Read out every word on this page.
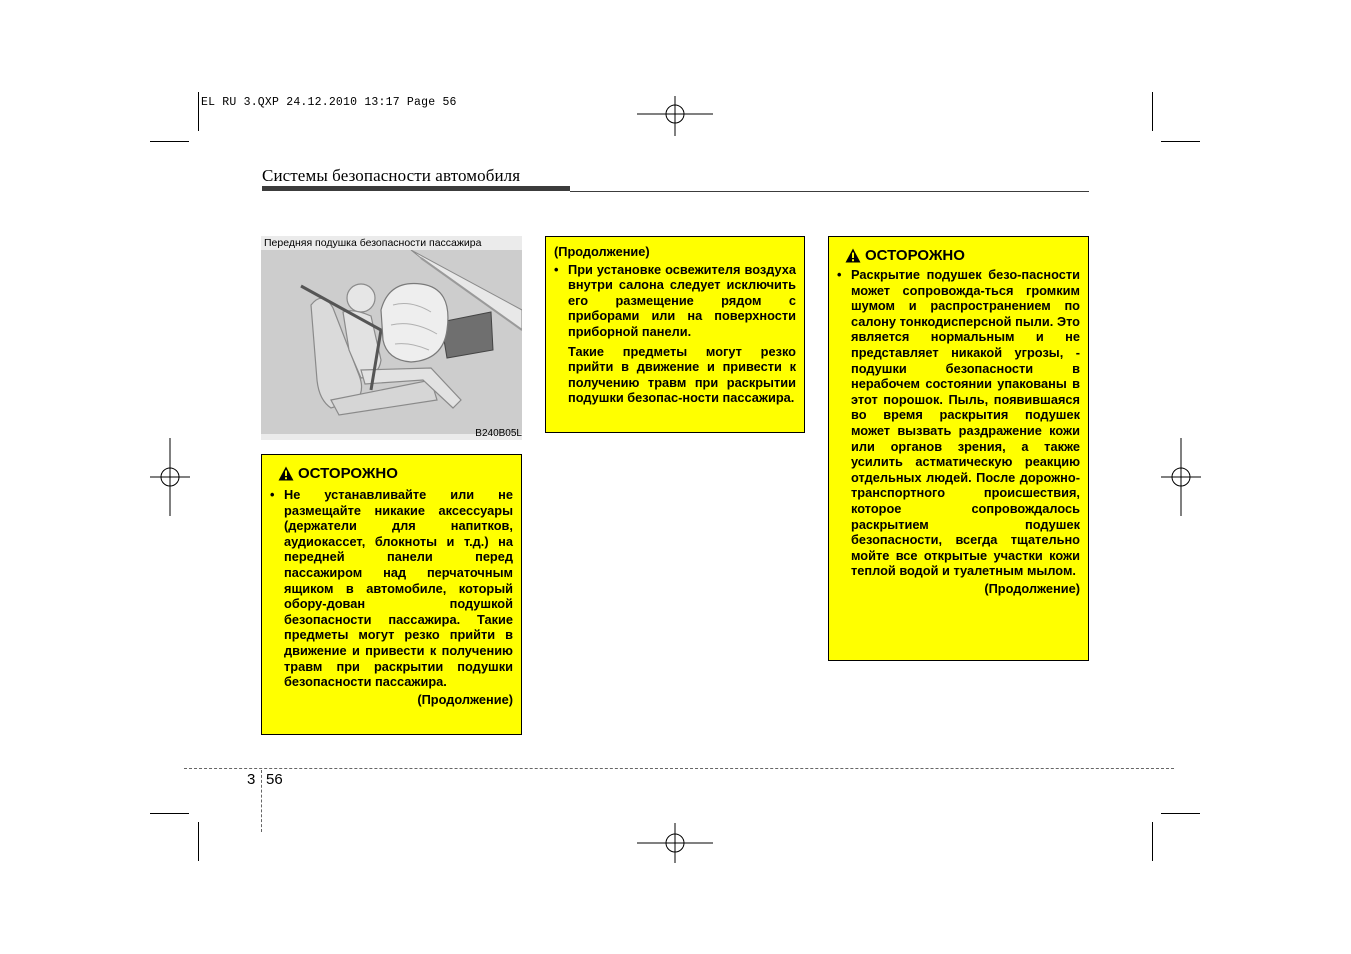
EL RU 3.QXP 24.12.2010 13:17 Page 56
Системы безопасности автомобиля
Передняя подушка безопасности пассажира
B240B05L
ОСТОРОЖНО
• Не устанавливайте или не размещайте никакие аксессуары (держатели для напитков, аудиокассет, блокноты и т.д.) на передней панели перед пассажиром над перчаточным ящиком в автомобиле, который обору-дован подушкой безопасности пассажира. Такие предметы могут резко прийти в движение и привести к получению травм при раскрытии подушки безопасности пассажира.
(Продолжение)
(Продолжение)
• При установке освежителя воздуха внутри салона следует исключить его размещение рядом с приборами или на поверхности приборной панели.
Такие предметы могут резко прийти в движение и привести к получению травм при раскрытии подушки безопас-ности пассажира.
ОСТОРОЖНО
• Раскрытие подушек безо-пасности может сопровожда-ться громким шумом и распространением по салону тонкодисперсной пыли. Это является нормальным и не представляет никакой угрозы, - подушки безопасности в нерабочем состоянии упакованы в этот порошок. Пыль, появившаяся во время раскрытия подушек может вызвать раздражение кожи или органов зрения, а также усилить астматическую реакцию отдельных людей. После дорожно-транспортного происшествия, которое сопровождалось раскрытием подушек безопасности, всегда тщательно мойте все открытые участки кожи теплой водой и туалетным мылом.
(Продолжение)
3 56
